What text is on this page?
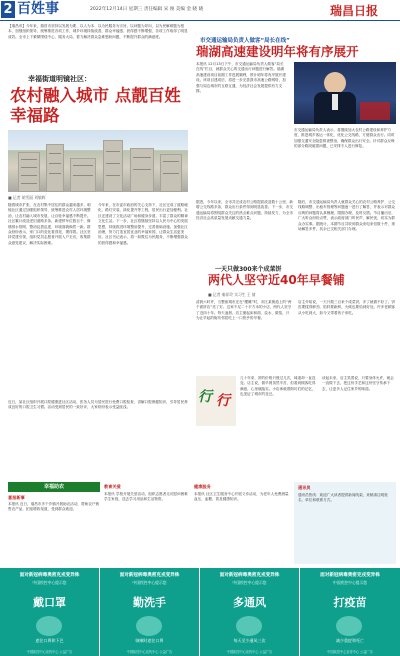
2 百姓事	2022年12月14日 星期三 责任编辑 宋 俊 美编 金 晓 晓	瑞昌日报
【瑞昌讯】今年来，瑞昌市坚持以发展为要、以人为本、以为民服务为宗旨，以问题为导向，以为民解难题为根本，加强组织领导，统筹推进各项工作，城乡环境持续改善，群众幸福感、获得感不断增强，各项工作取得了明显成效。全市上下紧紧围绕中心、服务大局，着力解决群众急难愁盼问题，不断提升群众的满意度。
幸福街道明镜社区：
农村融入城市 点靓百姓幸福路
■ 记者 胡雪丽 刘敏辉
随着城市扩张，在农村集中居住的群众越来越多，明镜社区通过加强组织领导，统筹推进农村人居环境整治，让农村融入城市发展，让百姓幸福感不断提升。社区累计改造老旧道路多条，新建停车位数百个，修缮排水管网，整治乱搭乱建，环境面貌焕然一新。群众纷纷表示，家门口的变化看得见、摸得着。社区坚持党建引领，组织党员志愿者开展入户走访，收集群众意见建议，解决实际困难。
今年来，在市委市政府的关心支持下，社区完成了道路硬化、路灯安装、绿化提升等工程，居民出行更加便利。社区还建设了文化活动广场和健身步道，丰富了群众的精神文化生活。下一步，社区将继续坚持以人民为中心的发展思想，持续推进环境整治提升，完善基础设施，加强社区治理，努力打造宜居宜业的幸福家园，让群众生活更美好。社区书记表示，将一如既往为民服务，不断增强群众的获得感和幸福感。
市交通运输局负责人做客“局长在线”
瑞湖高速建设明年将有序展开
本报讯 12月13日下午，市交通运输局负责人做客“局长在线”栏目，就群众关心的交通出行问题进行解答。瑞湖高速建设项目前期工作进展顺利，预计明年将有序展开建设。该项目建成后，将进一步完善我市高速公路网络，加强与周边城市的互联互通，为经济社会发展提供有力支撑。
市交通运输局负责人表示，将继续加大农村公路建设和养护力度，推进城乡客运一体化，优化公交线路，方便群众出行。同时加强交通安全隐患排查整治，确保群众出行安全。针对群众反映的部分路段破损问题，已安排专人进行修复。
据悉，今年以来，全市共完成农村公路提质改造数十公里，新增公交线路多条，群众出行条件得到明显改善。下一步，市交通运输局将围绕群众关注的热点难点问题，持续发力，为全市经济社会高质量发展贡献交通力量。
随后，市交通运输局负责人就群众关心的农村公路养护、公交线路调整、出租车管理等问题逐一进行了解答，并表示对群众反映的问题将认真梳理，限期办理，及时反馈。节目播出后，广大听众纷纷点赞，表示政府部门听民声、解民忧，切实为群众办实事。据统计，本期节目共收到群众来电来信数十件，现场解答多件，其余已交相关部门办理。
一天只做300来个成菜饼
两代人坚守近40年早餐铺
■ 记者 秦祥玲 实习生 王 倩
清晨六时许，当整座城市还在“酣睡”时，市区某街道上的“两个面饼店”亮了灯。这家不足二十平方米的小店，两代人坚守了近四十年。每天凌晨，店主便起床和面、烧水、做馅，只为让早起的街坊邻居吃上一口热乎的早餐。
店主介绍说，一天只做三百来个成菜饼，多了就做不好了。饼皮要揉得够劲，馅料要新鲜，火候也要恰到好处。许多老顾客从小吃到大，如今又带着孩子来吃。
行 行
几十年来，饼的价格只涨过几次，味道却一直没变。店主说，做早餐虽然辛苦，但看到顾客吃得满意，心里就踏实。小店承载着街坊们的记忆，也见证了城市的变迁。
谈起未来，店主笑着说，只要身体允许，就会一直做下去，把这份手艺和这份坚守传承下去，让更多人记住家乡的味道。
近日，某社区组织开展口腔健康进社区活动，医务人员为居民进行免费口腔检查，讲解口腔保健知识，引导居民养成良好的口腔卫生习惯。活动受到居民的一致好评，大家纷纷表示受益匪浅。
幸福助农
喜报新事
本报讯 近日，瑞昌市多个乡镇开展助农活动，帮助农户销售农产品，拓宽增收渠道，受到群众欢迎。
教育关爱
本报讯 学校开展关爱活动，组织志愿者走访慰问困难学生家庭，送去学习用品和生活物资。
健康服务
本报讯 社区卫生服务中心开展义诊活动，为老年人免费测量血压、血糖，普及健康知识。
通讯员
通讯员热线：欢迎广大读者提供新闻线索，来稿请注明姓名、单位和联系方式。
面对新冠病毒奥密克戎变异株
中国疾控中心提示您
戴口罩
遮住口鼻和下巴
中国疾控中心宣传中心 公益广告
面对新冠病毒奥密克戎变异株
中国疾控中心提示您
勤洗手
咳嗽时遮住口鼻
中国疾控中心宣传中心 公益广告
面对新冠病毒奥密克戎变异株
中国疾控中心提示您
多通风
每天至少通风三次
中国疾控中心宣传中心 公益广告
面对新冠病毒奥密克戎变异株
中国疾控中心提示您
打疫苗
减少重症和死亡
中国疾控中心宣传中心 公益广告
